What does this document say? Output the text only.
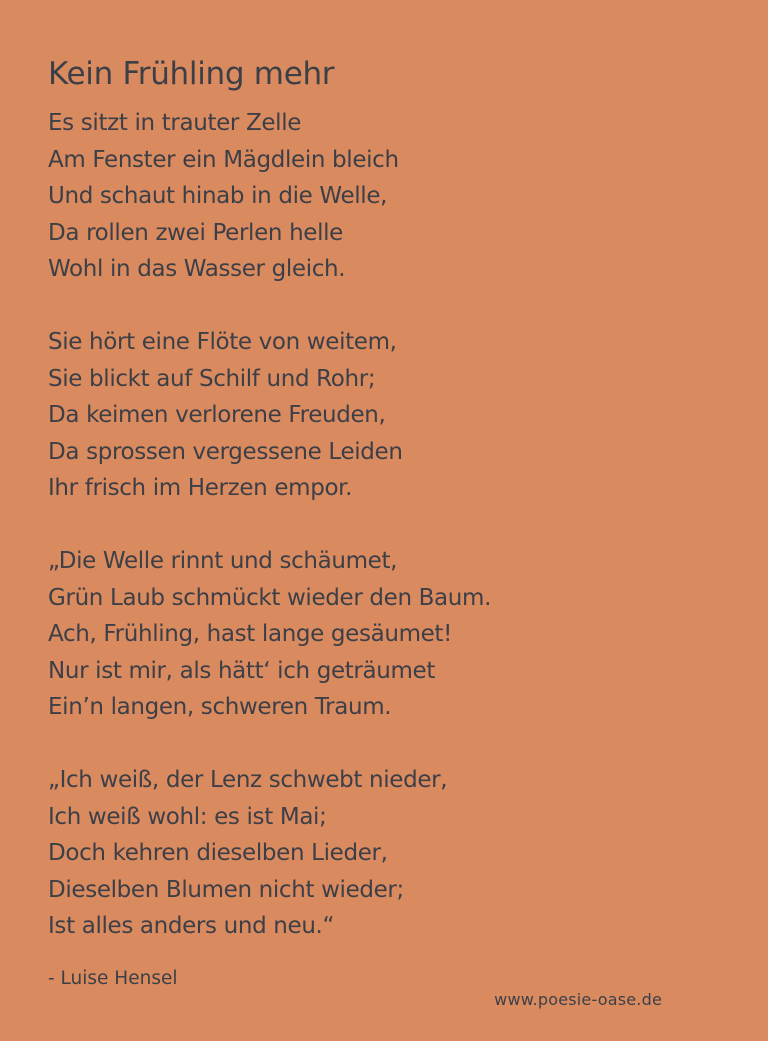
Kein Frühling mehr
Es sitzt in trauter Zelle
Am Fenster ein Mägdlein bleich
Und schaut hinab in die Welle,
Da rollen zwei Perlen helle
Wohl in das Wasser gleich.
Sie hört eine Flöte von weitem,
Sie blickt auf Schilf und Rohr;
Da keimen verlorene Freuden,
Da sprossen vergessene Leiden
Ihr frisch im Herzen empor.
„Die Welle rinnt und schäumet,
Grün Laub schmückt wieder den Baum.
Ach, Frühling, hast lange gesäumet!
Nur ist mir, als hätt‘ ich geträumet
Ein’n langen, schweren Traum.
„Ich weiß, der Lenz schwebt nieder,
Ich weiß wohl: es ist Mai;
Doch kehren dieselben Lieder,
Dieselben Blumen nicht wieder;
Ist alles anders und neu.“
- Luise Hensel
www.poesie-oase.de
